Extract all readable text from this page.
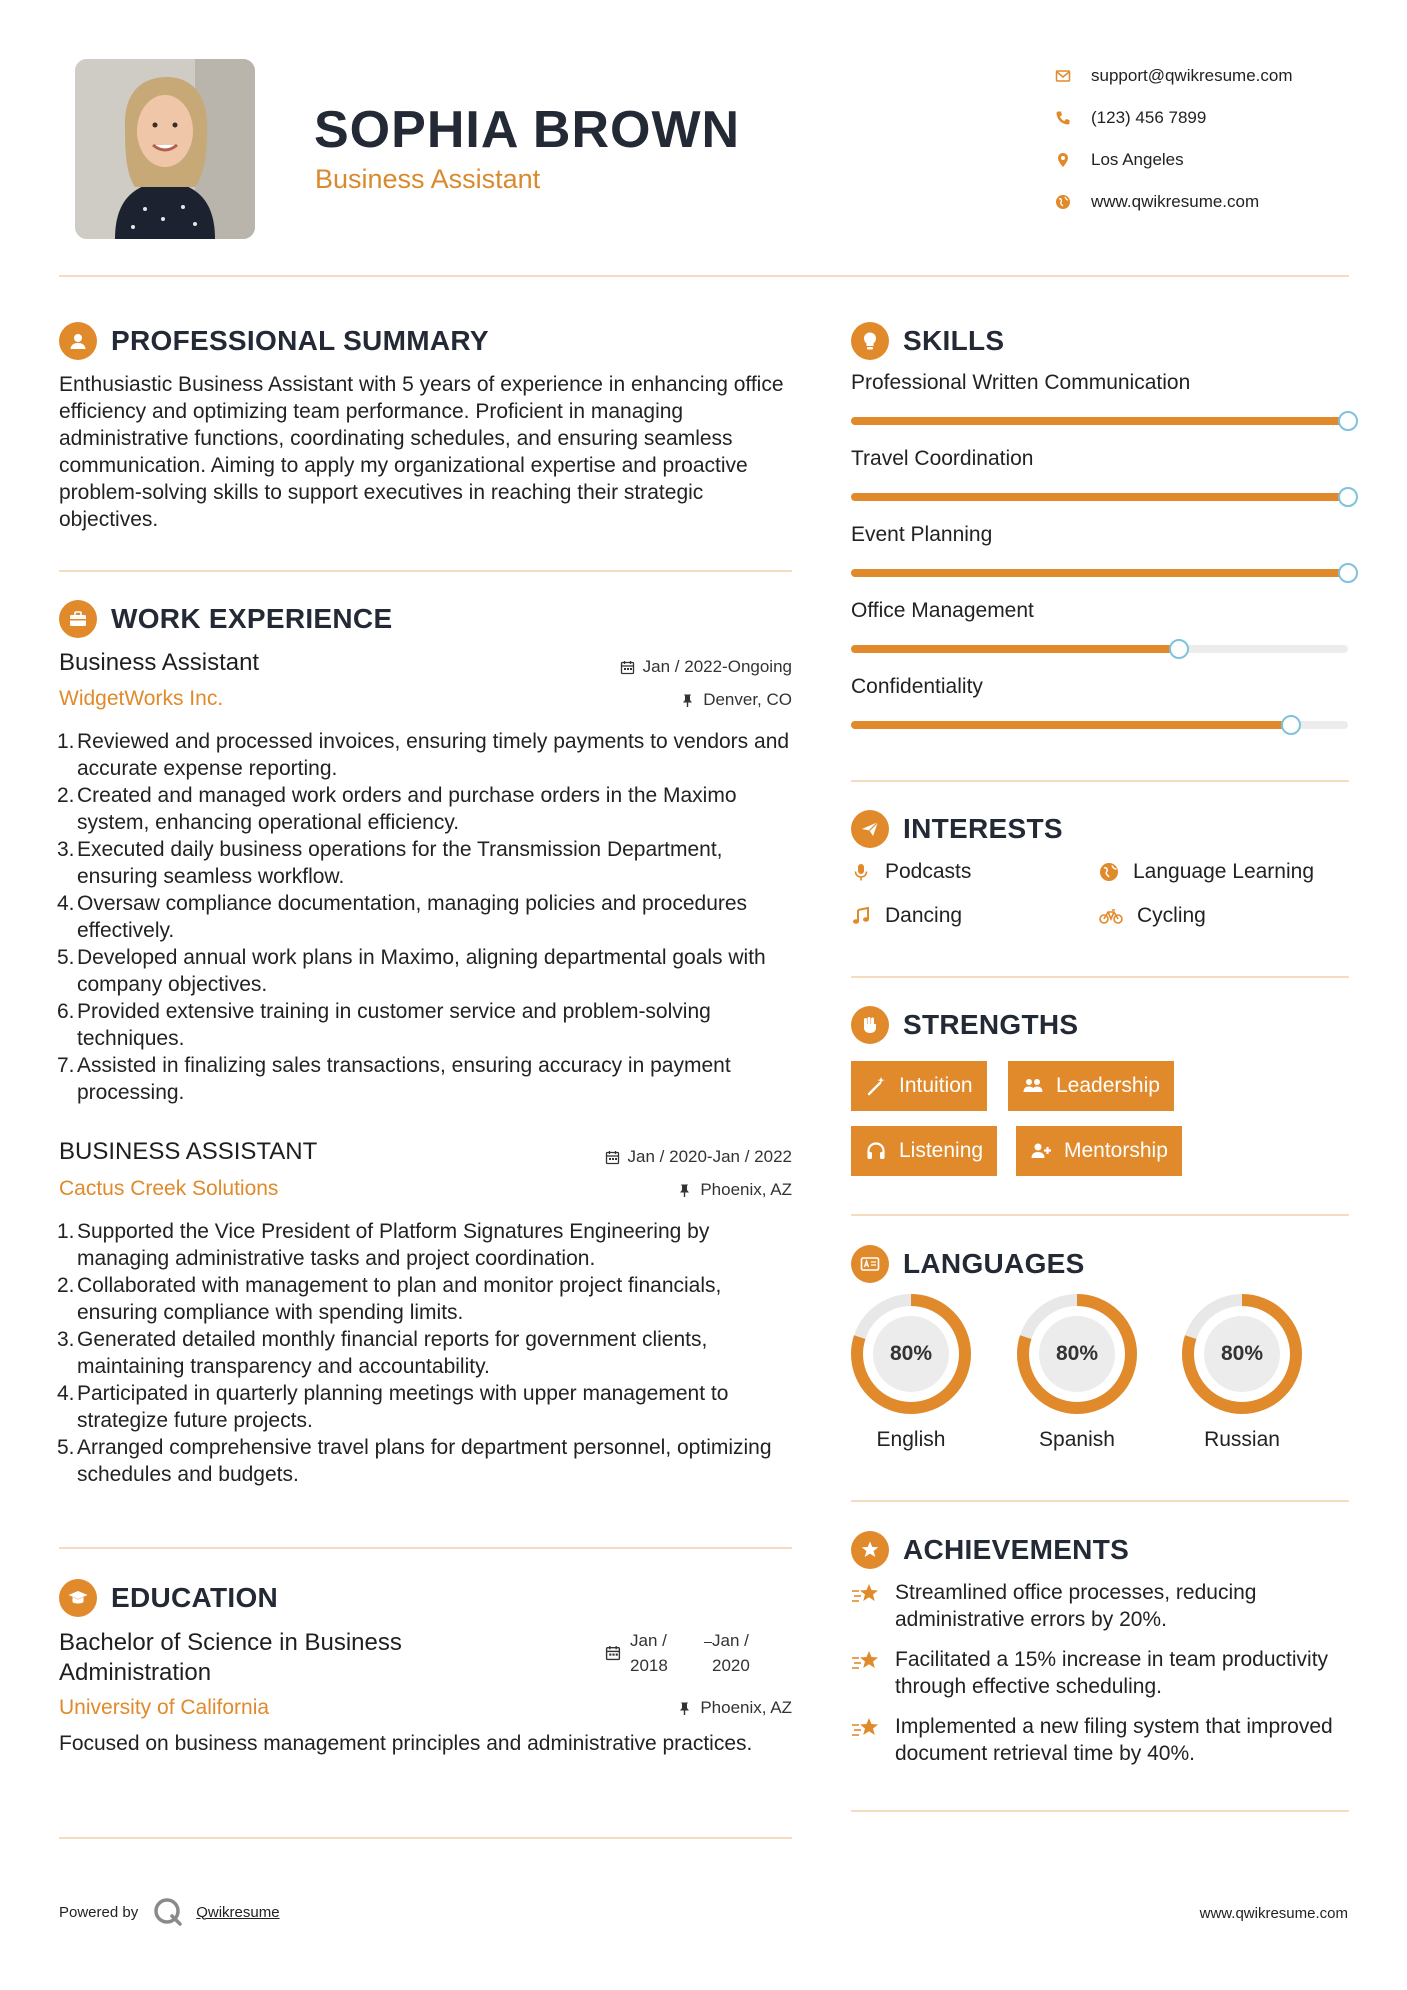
SOPHIA BROWN
Business Assistant
support@qwikresume.com
(123) 456 7899
Los Angeles
www.qwikresume.com
PROFESSIONAL SUMMARY
Enthusiastic Business Assistant with 5 years of experience in enhancing office efficiency and optimizing team performance. Proficient in managing administrative functions, coordinating schedules, and ensuring seamless communication. Aiming to apply my organizational expertise and proactive problem-solving skills to support executives in reaching their strategic objectives.
WORK EXPERIENCE
Business Assistant	Jan / 2022-Ongoing
WidgetWorks Inc.	Denver, CO
1. Reviewed and processed invoices, ensuring timely payments to vendors and accurate expense reporting.
2. Created and managed work orders and purchase orders in the Maximo system, enhancing operational efficiency.
3. Executed daily business operations for the Transmission Department, ensuring seamless workflow.
4. Oversaw compliance documentation, managing policies and procedures effectively.
5. Developed annual work plans in Maximo, aligning departmental goals with company objectives.
6. Provided extensive training in customer service and problem-solving techniques.
7. Assisted in finalizing sales transactions, ensuring accuracy in payment processing.
BUSINESS ASSISTANT	Jan / 2020-Jan / 2022
Cactus Creek Solutions	Phoenix, AZ
1. Supported the Vice President of Platform Signatures Engineering by managing administrative tasks and project coordination.
2. Collaborated with management to plan and monitor project financials, ensuring compliance with spending limits.
3. Generated detailed monthly financial reports for government clients, maintaining transparency and accountability.
4. Participated in quarterly planning meetings with upper management to strategize future projects.
5. Arranged comprehensive travel plans for department personnel, optimizing schedules and budgets.
EDUCATION
Bachelor of Science in Business Administration
Jan / 2018
Jan / 2020
University of California	Phoenix, AZ
Focused on business management principles and administrative practices.
SKILLS
Professional Written Communication
Travel Coordination
Event Planning
Office Management
Confidentiality
INTERESTS
Podcasts	Language Learning
Dancing	Cycling
STRENGTHS
Intuition	Leadership
Listening	Mentorship
LANGUAGES
80%
English
80%
Spanish
80%
Russian
ACHIEVEMENTS
Streamlined office processes, reducing administrative errors by 20%.
Facilitated a 15% increase in team productivity through effective scheduling.
Implemented a new filing system that improved document retrieval time by 40%.
Powered by	Qwikresume	www.qwikresume.com
